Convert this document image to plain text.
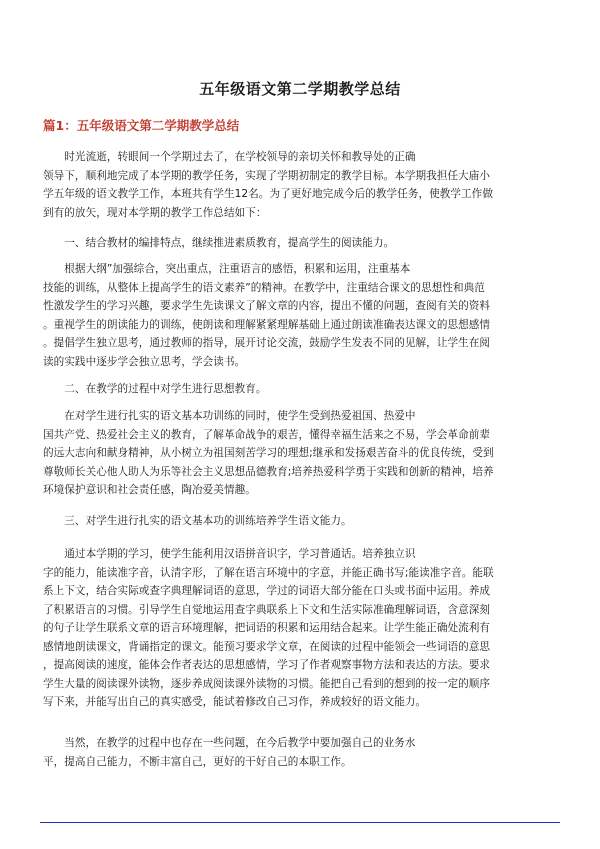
五年级语文第二学期教学总结
篇1：五年级语文第二学期教学总结
　　时光流逝，转眼间一个学期过去了，在学校领导的亲切关怀和教导处的正确
领导下，顺利地完成了本学期的教学任务，实现了学期初制定的教学目标。本学期我担任大庙小
学五年级的语文教学工作，本班共有学生12名。为了更好地完成今后的教学任务，使教学工作做
到有的放矢，现对本学期的教学工作总结如下：
　　一、结合教材的编排特点，继续推进素质教育，提高学生的阅读能力。
　　根据大纲”加强综合，突出重点，注重语言的感悟，积累和运用，注重基本
技能的训练，从整体上提高学生的语文素养”的精神。在教学中，注重结合课文的思想性和典范
性激发学生的学习兴趣，要求学生先读课文了解文章的内容，提出不懂的问题，查阅有关的资料
。重视学生的朗读能力的训练，使朗读和理解紧紧理解基础上通过朗读准确表达课文的思想感情
。提倡学生独立思考，通过教师的指导，展开讨论交流，鼓励学生发表不同的见解，让学生在阅
读的实践中逐步学会独立思考，学会读书。
　　二、在教学的过程中对学生进行思想教育。
　　在对学生进行扎实的语文基本功训练的同时，使学生受到热爱祖国、热爱中
国共产党、热爱社会主义的教育，了解革命战争的艰苦，懂得幸福生活来之不易，学会革命前辈
的远大志向和献身精神，从小树立为祖国刻苦学习的理想;继承和发扬艰苦奋斗的优良传统，受到
尊敬师长关心他人助人为乐等社会主义思想品德教育;培养热爱科学勇于实践和创新的精神，培养
环境保护意识和社会责任感，陶冶爱美情趣。
　　三、对学生进行扎实的语文基本功的训练培养学生语文能力。
　　通过本学期的学习，使学生能利用汉语拼音识字，学习普通话。培养独立识
字的能力，能读准字音，认清字形，了解在语言环境中的字意，并能正确书写;能读准字音。能联
系上下文，结合实际或查字典理解词语的意思，学过的词语大部分能在口头或书面中运用。养成
了积累语言的习惯。引导学生自觉地运用查字典联系上下文和生活实际准确理解词语，含意深刻
的句子让学生联系文章的语言环境理解，把词语的积累和运用结合起来。让学生能正确处流利有
感情地朗读课文，背诵指定的课文。能预习要求学文章，在阅读的过程中能领会一些词语的意思
，提高阅读的速度，能体会作者表达的思想感情，学习了作者观察事物方法和表达的方法。要求
学生大量的阅读课外读物，逐步养成阅读课外读物的习惯。能把自己看到的想到的按一定的顺序
写下来，并能写出自己的真实感受，能试着修改自己习作，养成较好的语文能力。
　　当然，在教学的过程中也存在一些问题，在今后教学中要加强自己的业务水
平，提高自己能力，不断丰富自己，更好的干好自己的本职工作。
